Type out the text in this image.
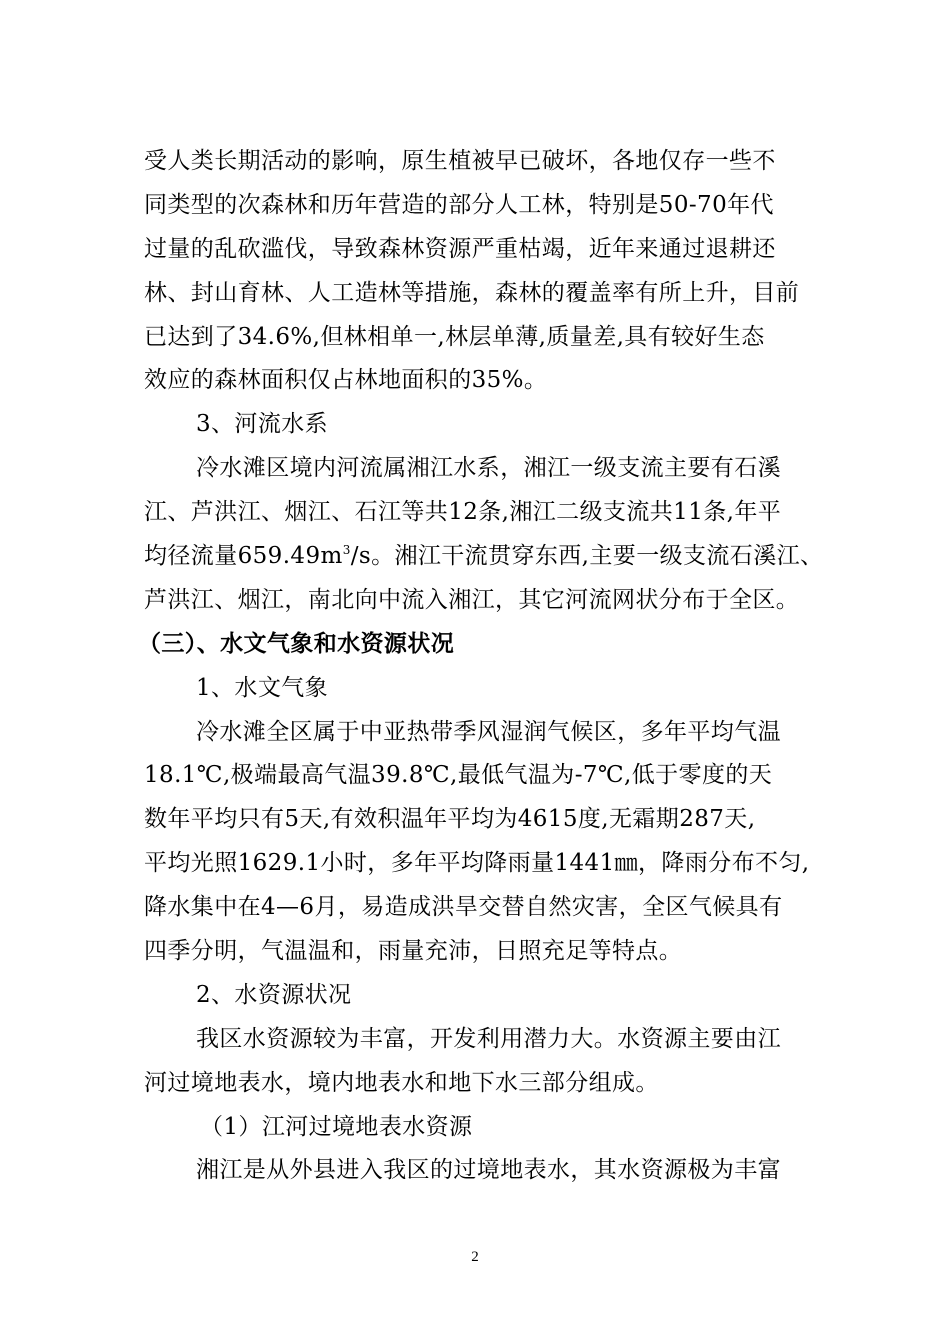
受人类长期活动的影响，原生植被早已破坏，各地仅存一些不
同类型的次森林和历年营造的部分人工林，特别是50-70年代
过量的乱砍滥伐，导致森林资源严重枯竭，近年来通过退耕还
林、封山育林、人工造林等措施，森林的覆盖率有所上升，目前
已达到了34.6%,但林相单一,林层单薄,质量差,具有较好生态
效应的森林面积仅占林地面积的35%。
3、河流水系
冷水滩区境内河流属湘江水系，湘江一级支流主要有石溪
江、芦洪江、烟江、石江等共12条,湘江二级支流共11条,年平
均径流量$659.49m^3/s$。湘江干流贯穿东西,主要一级支流石溪江、
芦洪江、烟江，南北向中流入湘江，其它河流网状分布于全区。
（三）、水文气象和水资源状况
1、水文气象
冷水滩全区属于中亚热带季风湿润气候区，多年平均气温
18.1℃,极端最高气温39.8℃,最低气温为-7℃,低于零度的天
数年平均只有5天,有效积温年平均为4615度,无霜期287天,
平均光照1629.1小时，多年平均降雨量1441㎜，降雨分布不匀,
降水集中在4—6月，易造成洪旱交替自然灾害，全区气候具有
四季分明，气温温和，雨量充沛，日照充足等特点。
2、水资源状况
我区水资源较为丰富，开发利用潜力大。水资源主要由江
河过境地表水，境内地表水和地下水三部分组成。
（1）江河过境地表水资源
湘江是从外县进入我区的过境地表水，其水资源极为丰富
2
